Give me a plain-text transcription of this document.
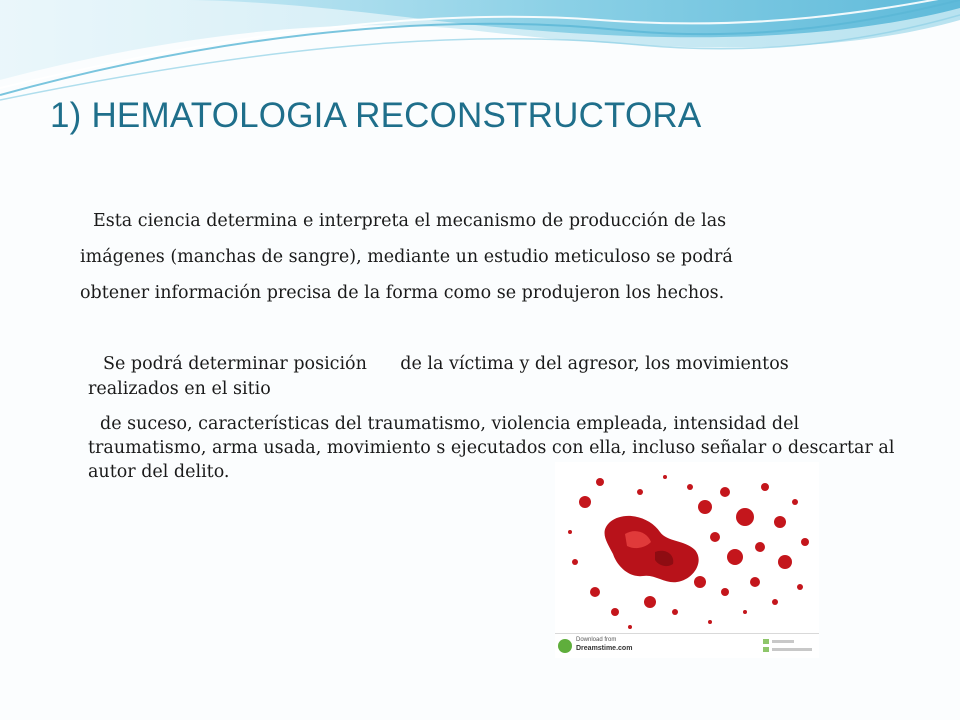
1) HEMATOLOGIA RECONSTRUCTORA

Esta ciencia determina e interpreta el mecanismo de producción de las

imágenes (manchas de sangre), mediante un estudio meticuloso se podrá

obtener información precisa de la forma como se produjeron los hechos.

Se podrá determinar posición      de la víctima y del agresor, los movimientos

realizados en el sitio

de suceso, características del traumatismo, violencia empleada, intensidad del traumatismo, arma usada, movimiento s ejecutados con ella, incluso señalar o descartar al autor del delito.

Download from
Dreamstime.com
